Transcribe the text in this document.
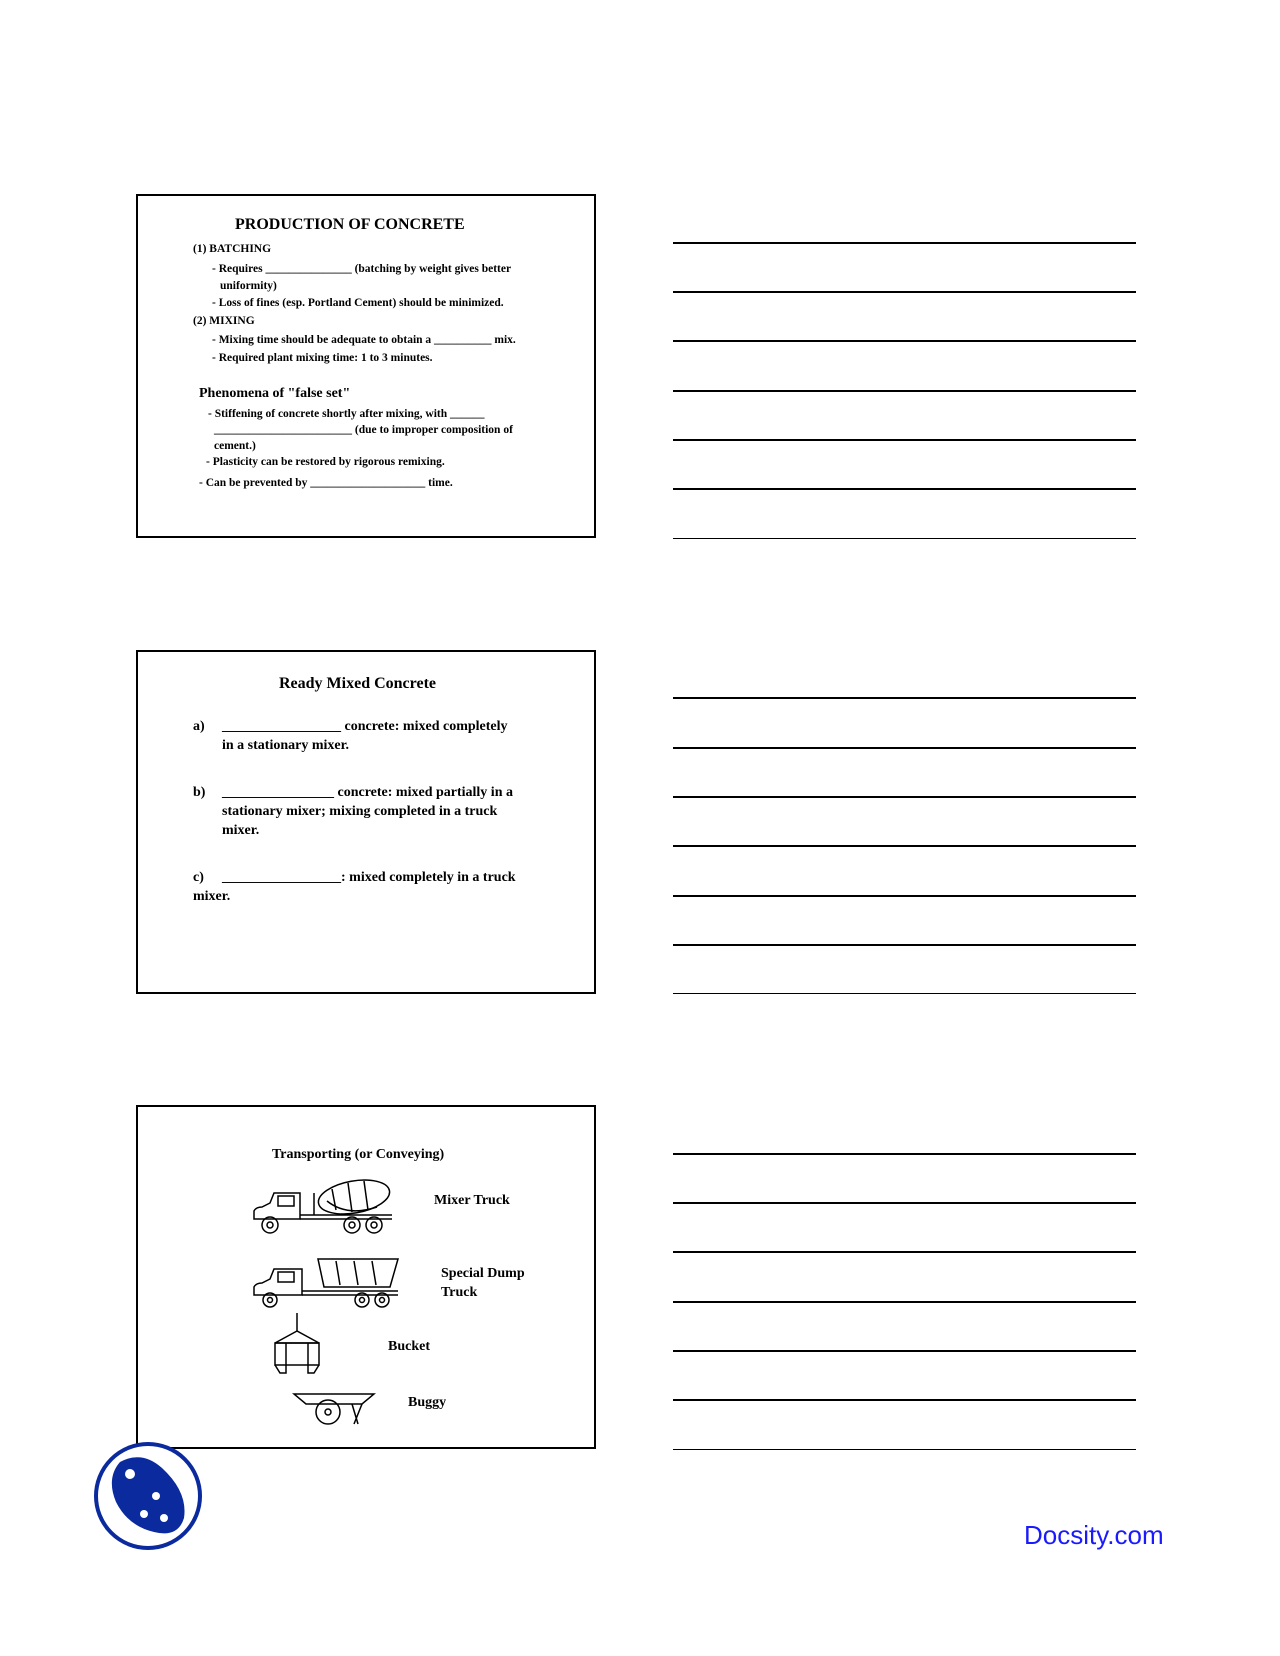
PRODUCTION OF CONCRETE
(1) BATCHING
- Requires _______________ (batching by weight gives better
uniformity)
- Loss of fines (esp. Portland Cement) should be minimized.
(2) MIXING
- Mixing time should be adequate to obtain a __________ mix.
- Required plant mixing time: 1 to 3 minutes.
Phenomena of "false set"
- Stiffening of concrete shortly after mixing, with ______
________________________ (due to improper composition of
cement.)
- Plasticity can be restored by rigorous remixing.
- Can be prevented by ____________________ time.
Ready Mixed Concrete
a) _________________ concrete: mixed completely
in a stationary mixer.
b) ________________ concrete: mixed partially in a
stationary mixer; mixing completed in a truck
mixer.
c) _________________: mixed completely in a truck
mixer.
Transporting (or Conveying)
Mixer Truck
Special Dump
Truck
Bucket
Buggy
Docsity.com
